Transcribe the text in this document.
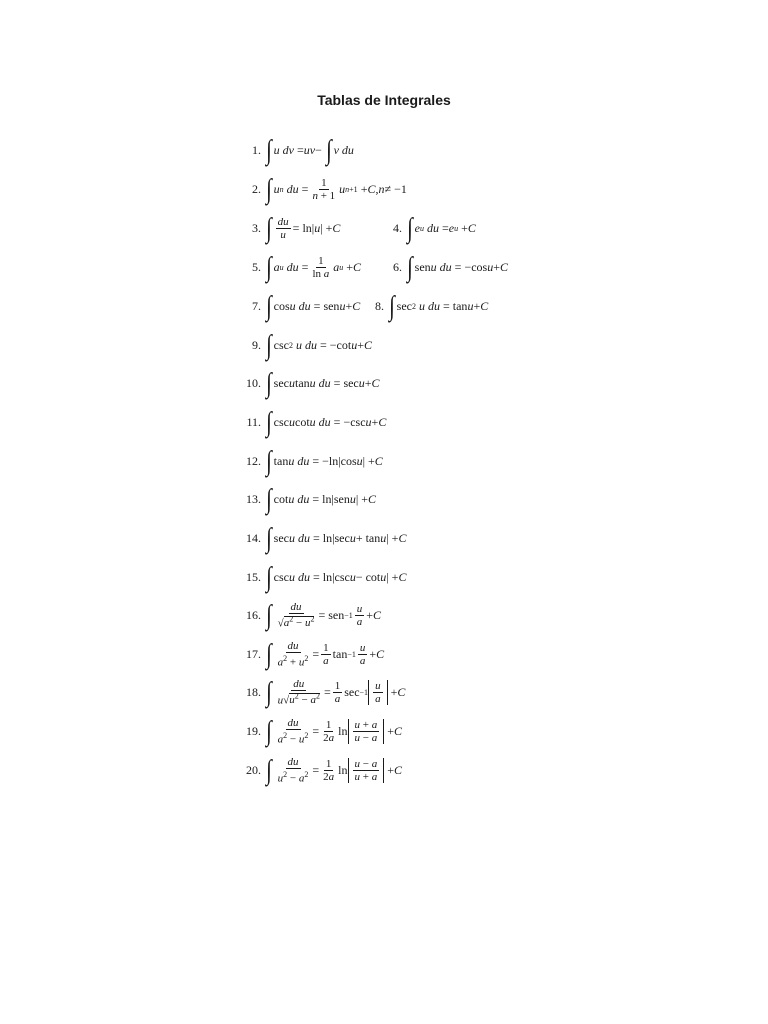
Tablas de Integrales
1. ∫ u dv = uv − ∫ v du
2. ∫ u n
du = $\frac{1}{n + 1}$ u n+1 + C , n ≠ −1
3. ∫ $\frac{du}{u} = \ln|$ u | + C	4. ∫ e u
du = e u + C
5. ∫ a u
du = $\frac{1}{\text{ln a}}$ a u + C	6. ∫ sen u du = −cos u + C
7. ∫ cos u du = sen u + C	8. ∫ sec 2
u du = tan u + C
9. ∫ csc 2
u du = −cot u + C
10. ∫ sec u tan u du = sec u + C
11. ∫ csc u cot u du = −csc u + C
12. ∫ tan u du = −ln|cos u | + C
13. ∫ cot u du = ln|sen u | + C
14. ∫ sec u du = ln|sec u + tan u | + C
15. ∫ csc u du = ln|csc u − cot u | + C
16. ∫ $\frac{du}{√a^2 - u^2}$ = sen $-1 \frac{u}{a} + C$
17. ∫ $\frac{du}{a^2 + u^2} = \frac{1}{a}$ $\tan -1 \frac{u}{a} + C$
18. ∫ $\frac{du}{u√u^2 - a^2} = \frac{1}{a}$ $\sec -1 \frac{u}{a} + C$
19. ∫ $\frac{du}{a^2 - u^2} = \frac{1}{2a}$ $\ln \frac{u + a}{u - a} + C$
20. ∫ $\frac{du}{u^2 - a^2} = \frac{1}{2a}$ $\ln \frac{u - a}{u + a} + C$
